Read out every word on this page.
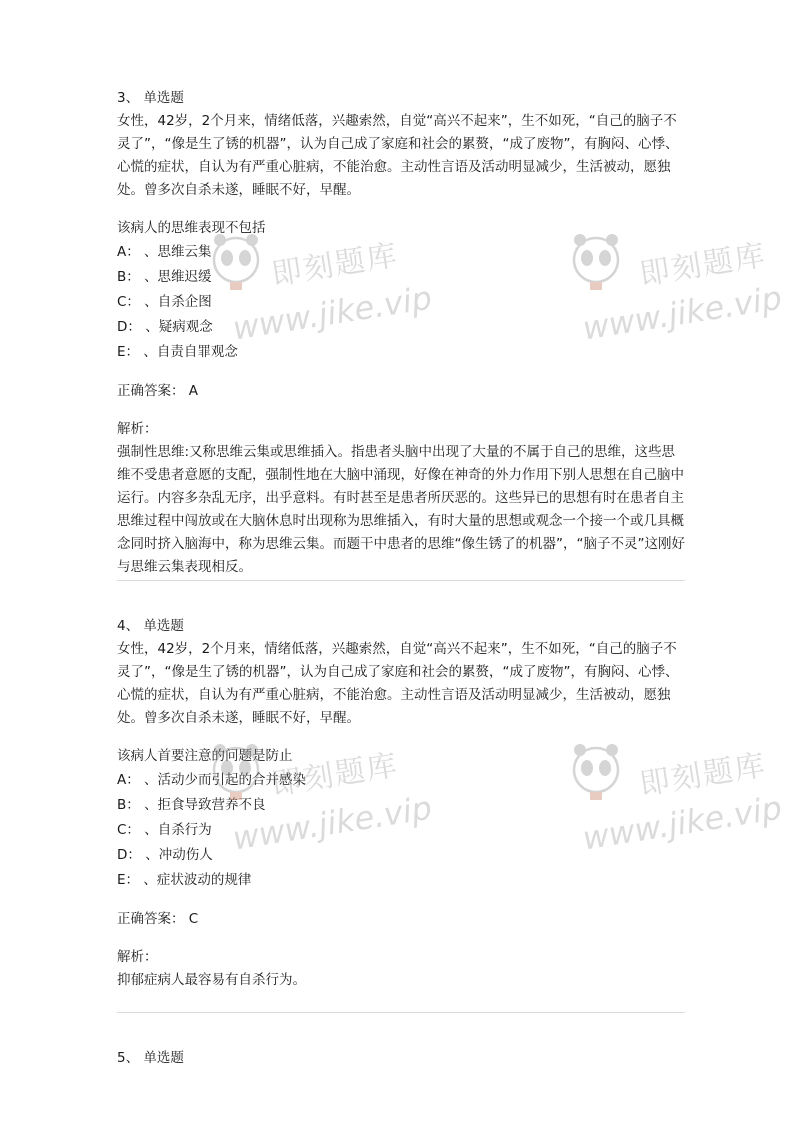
3、 单选题

女性，42岁，2个月来，情绪低落，兴趣索然，自觉“高兴不起来”，生不如死，“自己的脑子不灵了”，“像是生了锈的机器”，认为自己成了家庭和社会的累赘，“成了废物”，有胸闷、心悸、心慌的症状，自认为有严重心脏病，不能治愈。主动性言语及活动明显减少，生活被动，愿独处。曾多次自杀未遂，睡眠不好，早醒。

该病人的思维表现不包括
A： 、思维云集
B： 、思维迟缓
C： 、自杀企图
D： 、疑病观念
E： 、自责自罪观念
正确答案： A
解析：

强制性思维:又称思维云集或思维插入。指患者头脑中出现了大量的不属于自己的思维，这些思维不受患者意愿的支配，强制性地在大脑中涌现，好像在神奇的外力作用下别人思想在自己脑中运行。内容多杂乱无序，出乎意料。有时甚至是患者所厌恶的。这些异已的思想有时在患者自主思维过程中闯放或在大脑休息时出现称为思维插入，有时大量的思想或观念一个接一个或几具概念同时挤入脑海中，称为思维云集。而题干中患者的思维“像生锈了的机器”，“脑子不灵”这刚好与思维云集表现相反。

4、 单选题

女性，42岁，2个月来，情绪低落，兴趣索然，自觉“高兴不起来”，生不如死，“自己的脑子不灵了”，“像是生了锈的机器”，认为自己成了家庭和社会的累赘，“成了废物”，有胸闷、心悸、心慌的症状，自认为有严重心脏病，不能治愈。主动性言语及活动明显减少，生活被动，愿独处。曾多次自杀未遂，睡眠不好，早醒。

该病人首要注意的问题是防止
A： 、活动少而引起的合并感染
B： 、拒食导致营养不良
C： 、自杀行为
D： 、冲动伤人
E： 、症状波动的规律
正确答案： C
解析：

抑郁症病人最容易有自杀行为。

5、 单选题
即刻题库
www.jike.vip
即刻题库
www.jike.vip
即刻题库
www.jike.vip
即刻题库
www.jike.vip
